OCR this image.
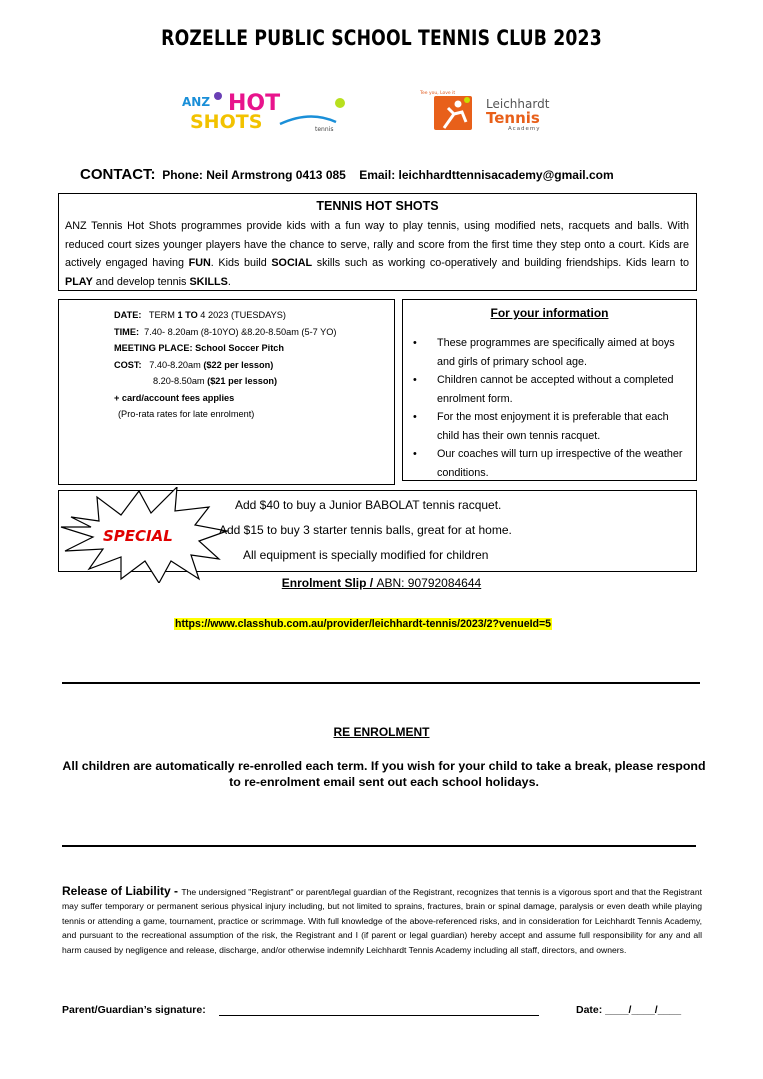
ROZELLE PUBLIC SCHOOL TENNIS CLUB 2023
ANZ HOT
SHOTS	tennis
Tee you, Love it
Leichhardt
Tennis
Academy
CONTACT: Phone: Neil Armstrong 0413 085 Email: leichhardttennisacademy@gmail.com
TENNIS HOT SHOTS
ANZ Tennis Hot Shots programmes provide kids with a fun way to play tennis, using modified nets, racquets and balls. With reduced court sizes younger players have the chance to serve, rally and score from the first time they step onto a court. Kids are actively engaged having FUN. Kids build SOCIAL skills such as working co-operatively and building friendships. Kids learn to PLAY and develop tennis SKILLS.
DATE:   TERM 1 TO 4 2023 (TUESDAYS)
TIME:  7.40- 8.20am (8-10YO) &8.20-8.50am (5-7 YO)
MEETING PLACE: School Soccer Pitch
COST:   7.40-8.20am ($22 per lesson)
8.20-8.50am ($21 per lesson)
+ card/account fees applies
(Pro-rata rates for late enrolment)
For your information
• These programmes are specifically aimed at boys and girls of primary school age.
• Children cannot be accepted without a completed enrolment form.
• For the most enjoyment it is preferable that each child has their own tennis racquet.
• Our coaches will turn up irrespective of the weather conditions.
SPECIAL
Add $40 to buy a Junior BABOLAT tennis racquet.
Add $15 to buy 3 starter tennis balls, great for at home.
All equipment is specially modified for children
Enrolment Slip / ABN: 90792084644
https://www.classhub.com.au/provider/leichhardt-tennis/2023/2?venueId=5
RE ENROLMENT
All children are automatically re-enrolled each term. If you wish for your child to take a break, please respond to re-enrolment email sent out each school holidays.
Release of Liability - The undersigned "Registrant" or parent/legal guardian of the Registrant, recognizes that tennis is a vigorous sport and that the Registrant may suffer temporary or permanent serious physical injury including, but not limited to sprains, fractures, brain or spinal damage, paralysis or even death while playing tennis or attending a game, tournament, practice or scrimmage. With full knowledge of the above-referenced risks, and in consideration for Leichhardt Tennis Academy, and pursuant to the recreational assumption of the risk, the Registrant and I (if parent or legal guardian) hereby accept and assume full responsibility for any and all harm caused by negligence and release, discharge, and/or otherwise indemnify Leichhardt Tennis Academy including all staff, directors, and owners.
Parent/Guardian’s signature:	Date: ____/____/____
